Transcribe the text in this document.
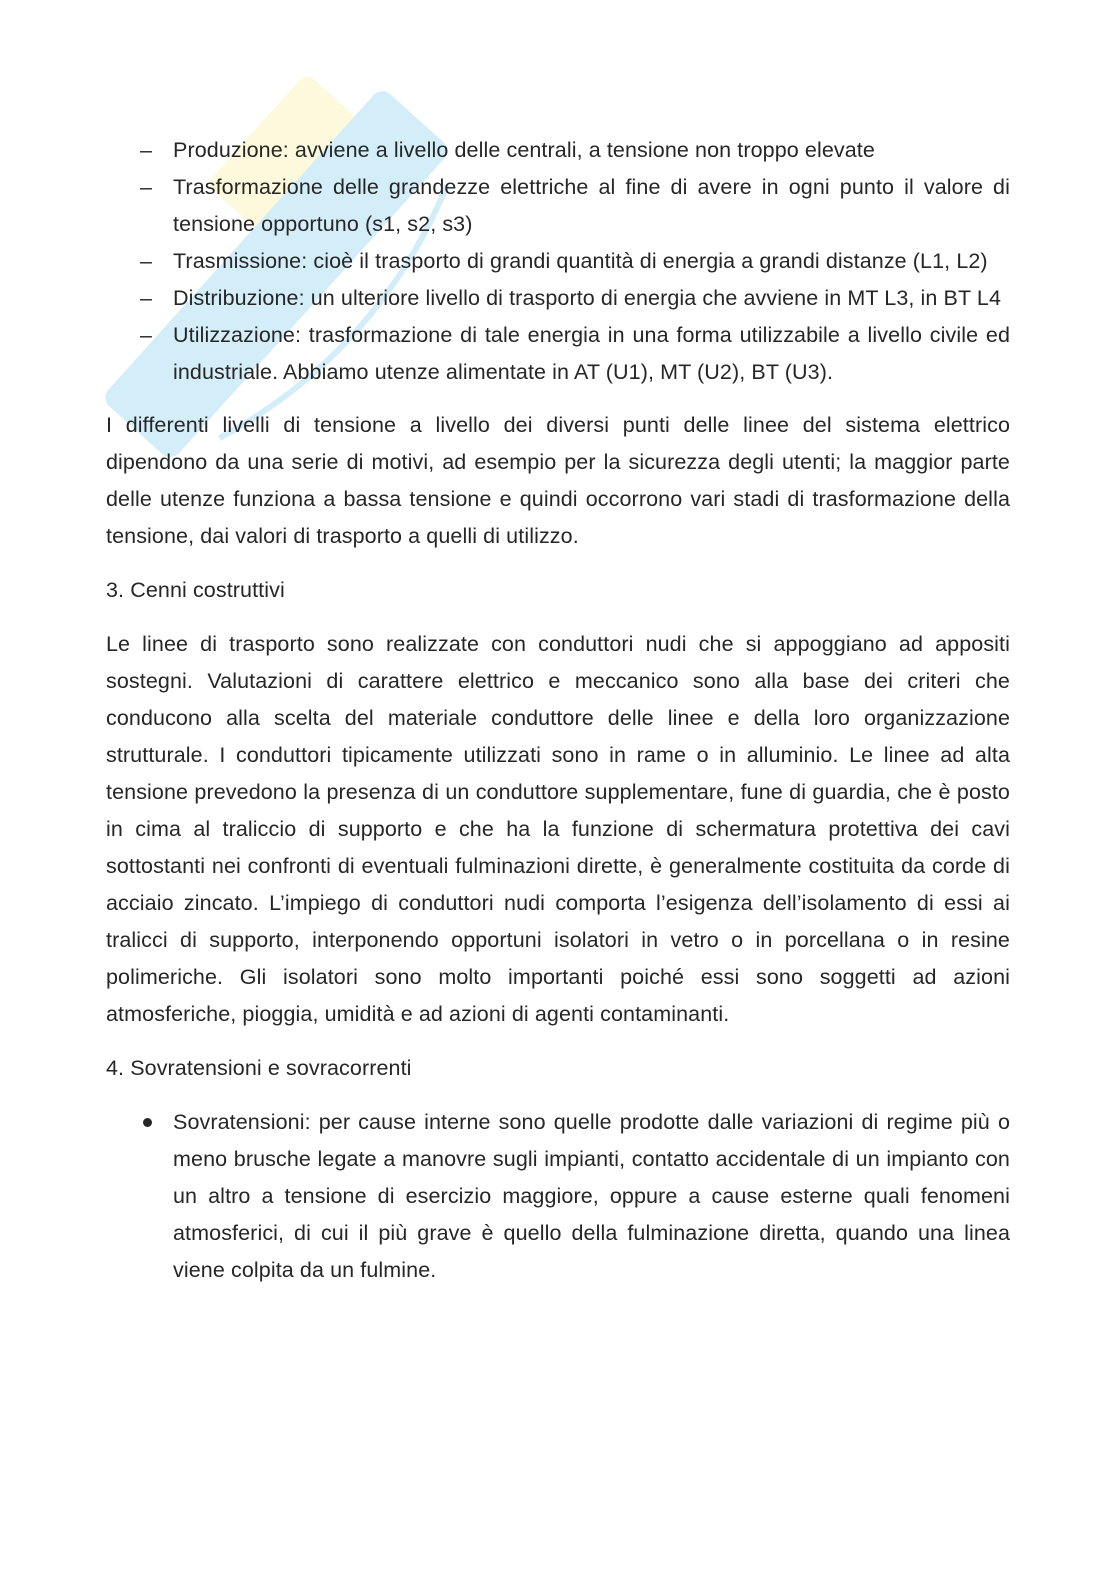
– Produzione: avviene a livello delle centrali, a tensione non troppo elevate
– Trasformazione delle grandezze elettriche al fine di avere in ogni punto il valore di tensione opportuno (s1, s2, s3)
– Trasmissione: cioè il trasporto di grandi quantità di energia a grandi distanze (L1, L2)
– Distribuzione: un ulteriore livello di trasporto di energia che avviene in MT L3, in BT L4
– Utilizzazione: trasformazione di tale energia in una forma utilizzabile a livello civile ed industriale. Abbiamo utenze alimentate in AT (U1), MT (U2), BT (U3).

I differenti livelli di tensione a livello dei diversi punti delle linee del sistema elettrico dipendono da una serie di motivi, ad esempio per la sicurezza degli utenti; la maggior parte delle utenze funziona a bassa tensione e quindi occorrono vari stadi di trasformazione della tensione, dai valori di trasporto a quelli di utilizzo.

3. Cenni costruttivi

Le linee di trasporto sono realizzate con conduttori nudi che si appoggiano ad appositi sostegni. Valutazioni di carattere elettrico e meccanico sono alla base dei criteri che conducono alla scelta del materiale conduttore delle linee e della loro organizzazione strutturale. I conduttori tipicamente utilizzati sono in rame o in alluminio. Le linee ad alta tensione prevedono la presenza di un conduttore supplementare, fune di guardia, che è posto in cima al traliccio di supporto e che ha la funzione di schermatura protettiva dei cavi sottostanti nei confronti di eventuali fulminazioni dirette, è generalmente costituita da corde di acciaio zincato. L’impiego di conduttori nudi comporta l’esigenza dell’isolamento di essi ai tralicci di supporto, interponendo opportuni isolatori in vetro o in porcellana o in resine polimeriche. Gli isolatori sono molto importanti poiché essi sono soggetti ad azioni atmosferiche, pioggia, umidità e ad azioni di agenti contaminanti.

4. Sovratensioni e sovracorrenti

Sovratensioni: per cause interne sono quelle prodotte dalle variazioni di regime più o meno brusche legate a manovre sugli impianti, contatto accidentale di un impianto con un altro a tensione di esercizio maggiore, oppure a cause esterne quali fenomeni atmosferici, di cui il più grave è quello della fulminazione diretta, quando una linea viene colpita da un fulmine.
